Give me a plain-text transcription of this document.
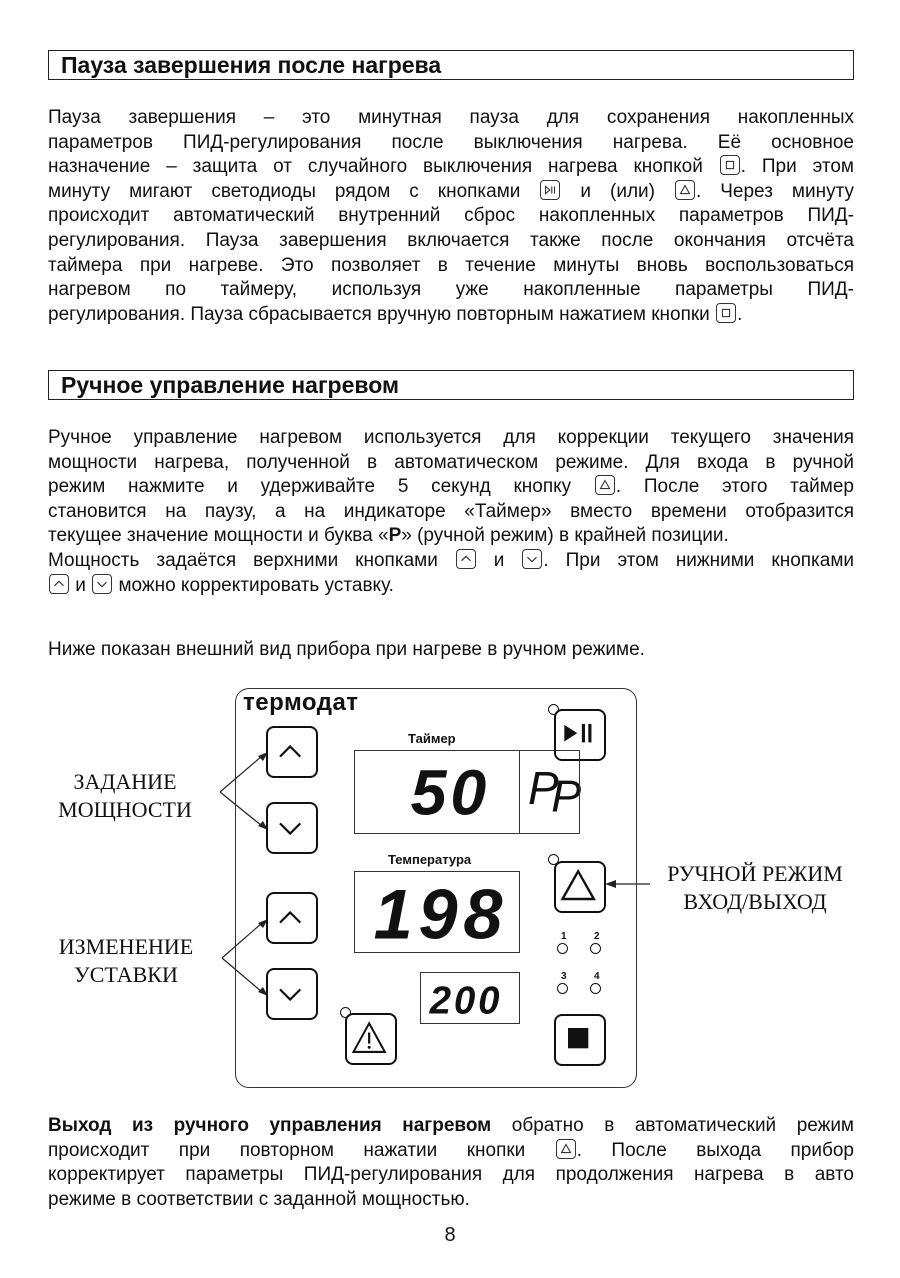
Пауза завершения после нагрева
Пауза завершения – это минутная пауза для сохранения накопленных
параметров ПИД-регулирования после выключения нагрева. Её основное
назначение – защита от случайного выключения нагрева кнопкой . При этом
минуту мигают светодиоды рядом с кнопками	и (или) . Через минуту
происходит автоматический внутренний сброс накопленных параметров ПИД-
регулирования. Пауза завершения включается также после окончания отсчёта
таймера при нагреве. Это позволяет в течение минуты вновь воспользоваться
нагревом по таймеру, используя уже накопленные параметры ПИД-
регулирования. Пауза сбрасывается вручную повторным нажатием кнопки .
Ручное управление нагревом
Ручное управление нагревом используется для коррекции текущего значения
мощности нагрева, полученной в автоматическом режиме. Для входа в ручной
режим нажмите и удерживайте 5 секунд кнопку . После этого таймер
становится на паузу, а на индикаторе «Таймер» вместо времени отобразится
текущее значение мощности и буква «P» (ручной режим) в крайней позиции.
Мощность задаётся верхними кнопками	и . При этом нижними кнопками
и можно корректировать уставку.
Ниже показан внешний вид прибора при нагреве в ручном режиме.
ЗАДАНИЕ
МОЩНОСТИ
ИЗМЕНЕНИЕ
УСТАВКИ
РУЧНОЙ РЕЖИМ
ВХОД/ВЫХОД
термодат
Таймер
50 P
P
Температура
198
200
1	2
3	4
Выход из ручного управления нагревом обратно в автоматический режим
происходит при повторном нажатии кнопки	. После выхода прибор
корректирует параметры ПИД-регулирования для продолжения нагрева в авто
режиме в соответствии с заданной мощностью.
8
